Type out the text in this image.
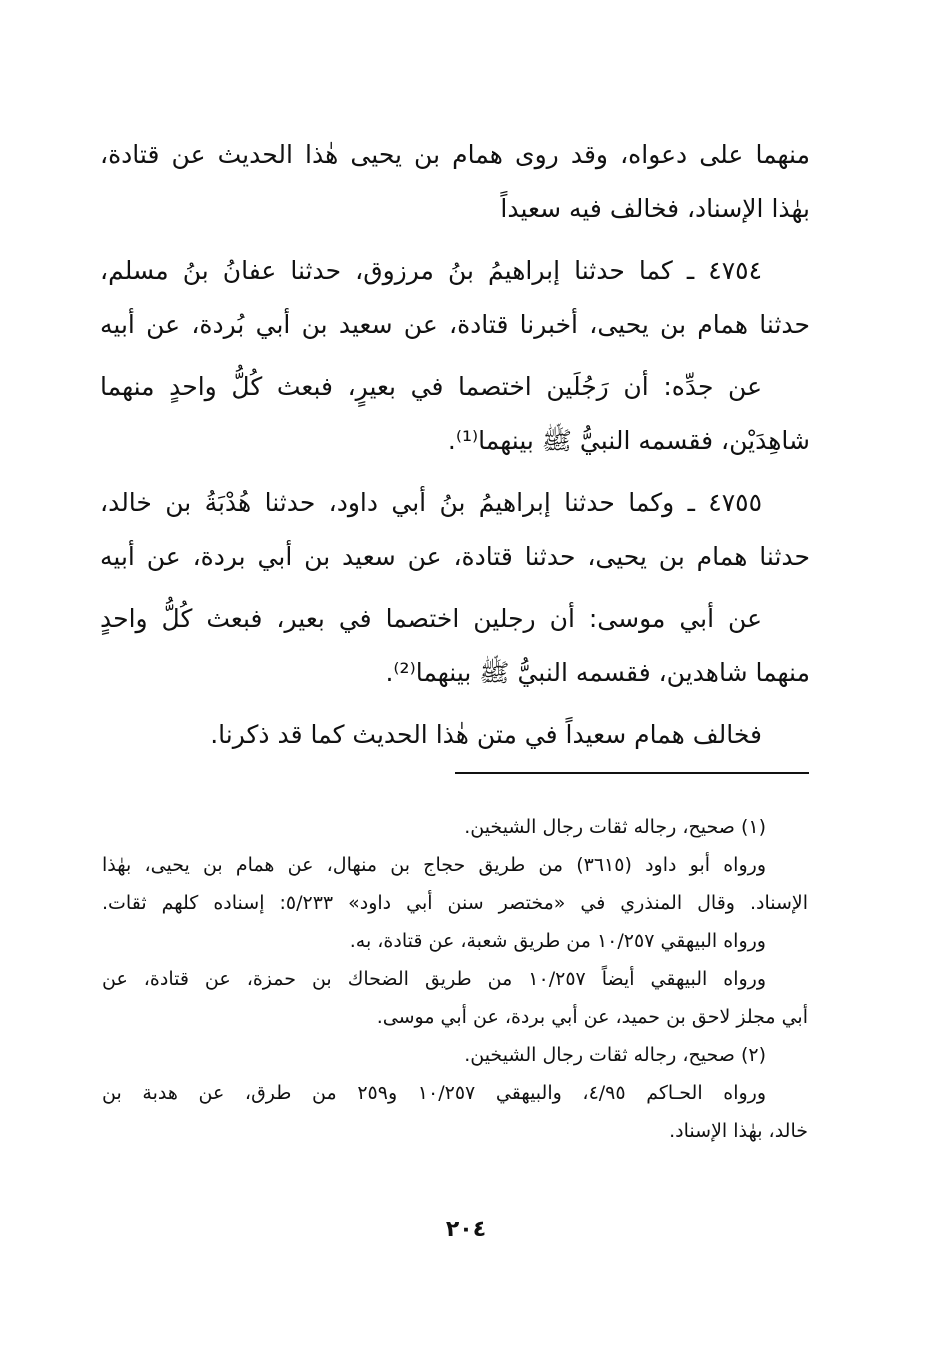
منهما على دعواه، وقد روى همام بن يحيى هٰذا الحديث عن قتادة،
بهٰذا الإسناد، فخالف فيه سعيداً
٤٧٥٤ ـ كما حدثنا إبراهيمُ بنُ مرزوق، حدثنا عفانُ بنُ مسلم،
حدثنا همام بن يحيى، أخبرنا قتادة، عن سعيد بن أبي بُردة، عن أبيه
عن جدِّه: أن رَجُلَين اختصما في بعيرٍ، فبعث كُلُّ واحدٍ منهما
شاهِدَيْن، فقسمه النبيُّ ﷺ بينهما⁽¹⁾.
٤٧٥٥ ـ وكما حدثنا إبراهيمُ بنُ أبي داود، حدثنا هُدْبَةُ بن خالد،
حدثنا همام بن يحيى، حدثنا قتادة، عن سعيد بن أبي بردة، عن أبيه
عن أبي موسى: أن رجلين اختصما في بعير، فبعث كُلُّ واحدٍ
منهما شاهدين، فقسمه النبيُّ ﷺ بينهما⁽²⁾.
فخالف همام سعيداً في متن هٰذا الحديث كما قد ذكرنا.
(١) صحيح، رجاله ثقات رجال الشيخين.
ورواه أبو داود (٣٦١٥) من طريق حجاج بن منهال، عن همام بن يحيى، بهٰذا
الإسناد. وقال المنذري في «مختصر سنن أبي داود» ٥/٢٣٣: إسناده كلهم ثقات.
ورواه البيهقي ١٠/٢٥٧ من طريق شعبة، عن قتادة، به.
ورواه البيهقي أيضاً ١٠/٢٥٧ من طريق الضحاك بن حمزة، عن قتادة، عن
أبي مجلز لاحق بن حميد، عن أبي بردة، عن أبي موسى.
(٢) صحيح، رجاله ثقات رجال الشيخين.
ورواه الحـاكم ٤/٩٥، والبيهقي ١٠/٢٥٧ و٢٥٩ من طرق، عن هدبة بن
خالد، بهٰذا الإسناد.
٢٠٤
